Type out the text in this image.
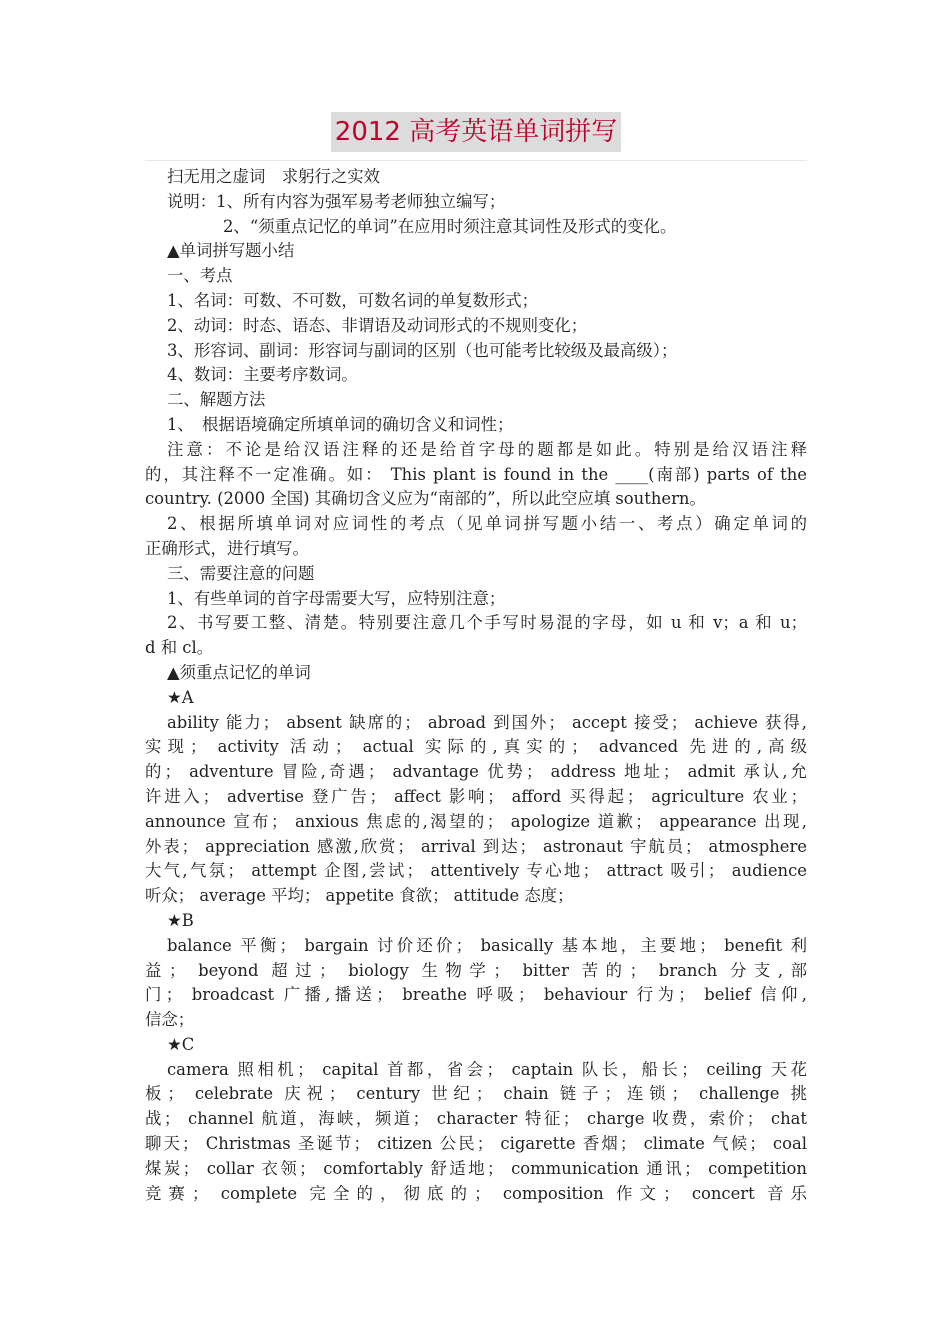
2012 高考英语单词拼写
扫无用之虚词　求躬行之实效
说明：1、所有内容为强军易考老师独立编写；
2、“须重点记忆的单词”在应用时须注意其词性及形式的变化。
▲单词拼写题小结
一、考点
1、名词：可数、不可数，可数名词的单复数形式；
2、动词：时态、语态、非谓语及动词形式的不规则变化；
3、形容词、副词：形容词与副词的区别（也可能考比较级及最高级）；
4、数词：主要考序数词。
二、解题方法
1、　根据语境确定所填单词的确切含义和词性；
注意：不论是给汉语注释的还是给首字母的题都是如此。特别是给汉语注释
的，其注释不一定准确。如： This plant is found in the ____(南部) parts of the
country. (2000 全国) 其确切含义应为“南部的”，所以此空应填 southern。
2、根据所填单词对应词性的考点（见单词拼写题小结一、考点）确定单词的
正确形式，进行填写。
三、需要注意的问题
1、有些单词的首字母需要大写，应特别注意；
2、书写要工整、清楚。特别要注意几个手写时易混的字母，如 u 和 v；a 和 u；
d 和 cl。
▲须重点记忆的单词
★A
ability 能力； absent 缺席的； abroad 到国外； accept 接受； achieve 获得,
实现； activity 活动； actual 实际的,真实的； advanced 先进的,高级
的； adventure 冒险,奇遇； advantage 优势； address 地址； admit 承认,允
许进入； advertise 登广告； affect 影响； afford 买得起； agriculture 农业；
announce 宣布； anxious 焦虑的,渴望的； apologize 道歉； appearance 出现,
外表； appreciation 感激,欣赏； arrival 到达； astronaut 宇航员； atmosphere
大气,气氛； attempt 企图,尝试； attentively 专心地； attract 吸引； audience
听众； average 平均； appetite 食欲； attitude 态度；
★B
balance 平衡； bargain 讨价还价； basically 基本地，主要地； benefit 利
益； beyond 超过； biology 生物学； bitter 苦的； branch 分支,部
门； broadcast 广播,播送； breathe 呼吸； behaviour 行为； belief 信仰,
信念；
★C
camera 照相机； capital 首都，省会； captain 队长，船长； ceiling 天花
板； celebrate 庆祝； century 世纪； chain 链子；连锁； challenge 挑
战； channel 航道，海峡，频道； character 特征； charge 收费，索价； chat
聊天； Christmas 圣诞节； citizen 公民； cigarette 香烟； climate 气候； coal
煤炭； collar 衣领； comfortably 舒适地； communication 通讯； competition
竞赛； complete 完全的，彻底的； composition 作文； concert 音乐
